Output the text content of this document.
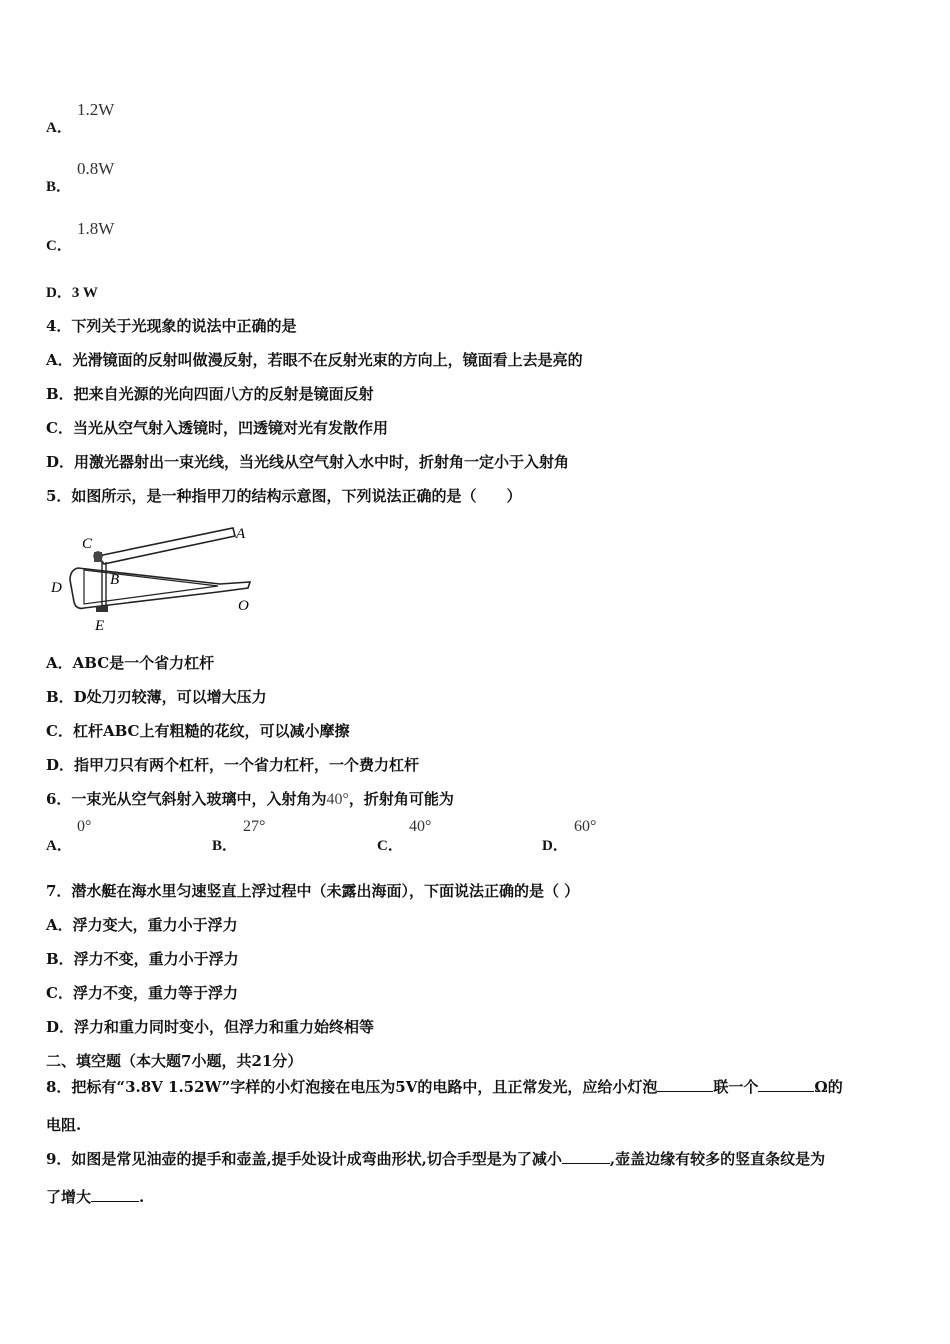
A．
1.2W
B．
0.8W
C．
1.8W
D．3 W
4．下列关于光现象的说法中正确的是
A．光滑镜面的反射叫做漫反射，若眼不在反射光束的方向上，镜面看上去是亮的
B．把来自光源的光向四面八方的反射是镜面反射
C．当光从空气射入透镜时，凹透镜对光有发散作用
D．用激光器射出一束光线，当光线从空气射入水中时，折射角一定小于入射角
5．如图所示，是一种指甲刀的结构示意图，下列说法正确的是（　　）
C
A
D	B
O
E
A．ABC是一个省力杠杆
B．D处刀刃较薄，可以增大压力
C．杠杆ABC上有粗糙的花纹，可以减小摩擦
D．指甲刀只有两个杠杆，一个省力杠杆，一个费力杠杆
6．一束光从空气斜射入玻璃中，入射角为40°，折射角可能为
A．
0°
B．
27°
C．
40°
D．
60°
7．潜水艇在海水里匀速竖直上浮过程中（未露出海面），下面说法正确的是（ ）
A．浮力变大，重力小于浮力
B．浮力不变，重力小于浮力
C．浮力不变，重力等于浮力
D．浮力和重力同时变小，但浮力和重力始终相等
二、填空题（本大题7小题，共21分）
8．把标有“3.8V 1.52W”字样的小灯泡接在电压为5V的电路中，且正常发光，应给小灯泡	联一个	Ω的
电阻.
9．如图是常见油壶的提手和壶盖,提手处设计成弯曲形状,切合手型是为了减小	,壶盖边缘有较多的竖直条纹是为
了增大	.
